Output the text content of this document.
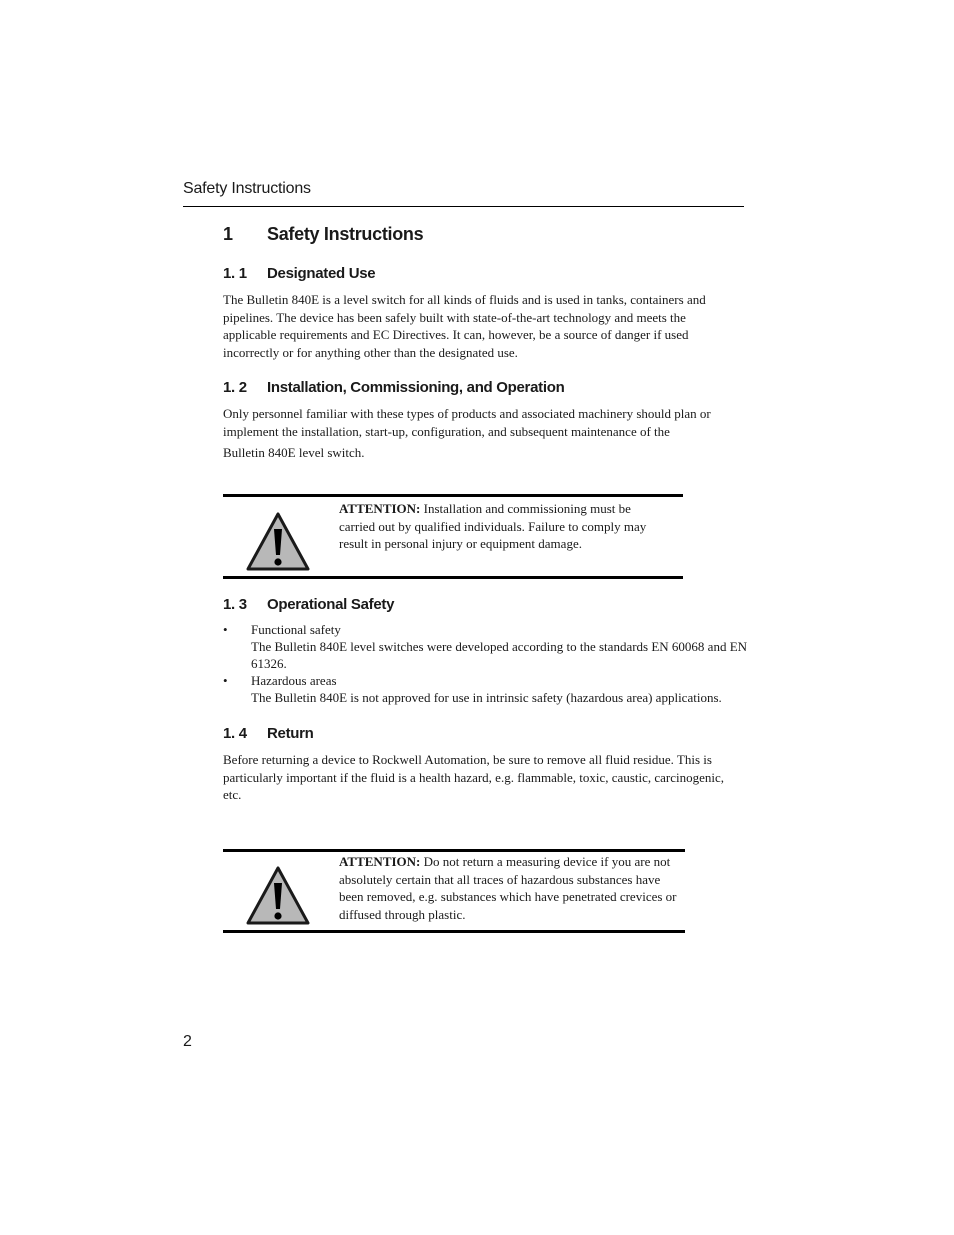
Safety Instructions
1 Safety Instructions
1. 1 Designated Use

The Bulletin 840E is a level switch for all kinds of fluids and is used in tanks, containers and pipelines. The device has been safely built with state-of-the-art technology and meets the applicable requirements and EC Directives. It can, however, be a source of danger if used incorrectly or for anything other than the designated use.

1. 2 Installation, Commissioning, and Operation

Only personnel familiar with these types of products and associated machinery should plan or implement the installation, start-up, configuration, and subsequent maintenance of the

Bulletin 840E level switch.

ATTENTION: Installation and commissioning must be carried out by qualified individuals. Failure to comply may result in personal injury or equipment damage.
1. 3 Operational Safety
• Functional safety
The Bulletin 840E level switches were developed according to the standards EN 60068 and EN 61326.
• Hazardous areas
The Bulletin 840E is not approved for use in intrinsic safety (hazardous area) applications.
1. 4 Return

Before returning a device to Rockwell Automation, be sure to remove all fluid residue. This is particularly important if the fluid is a health hazard, e.g. flammable, toxic, caustic, carcinogenic, etc.

ATTENTION: Do not return a measuring device if you are not absolutely certain that all traces of hazardous substances have been removed, e.g. substances which have penetrated crevices or diffused through plastic.
2
